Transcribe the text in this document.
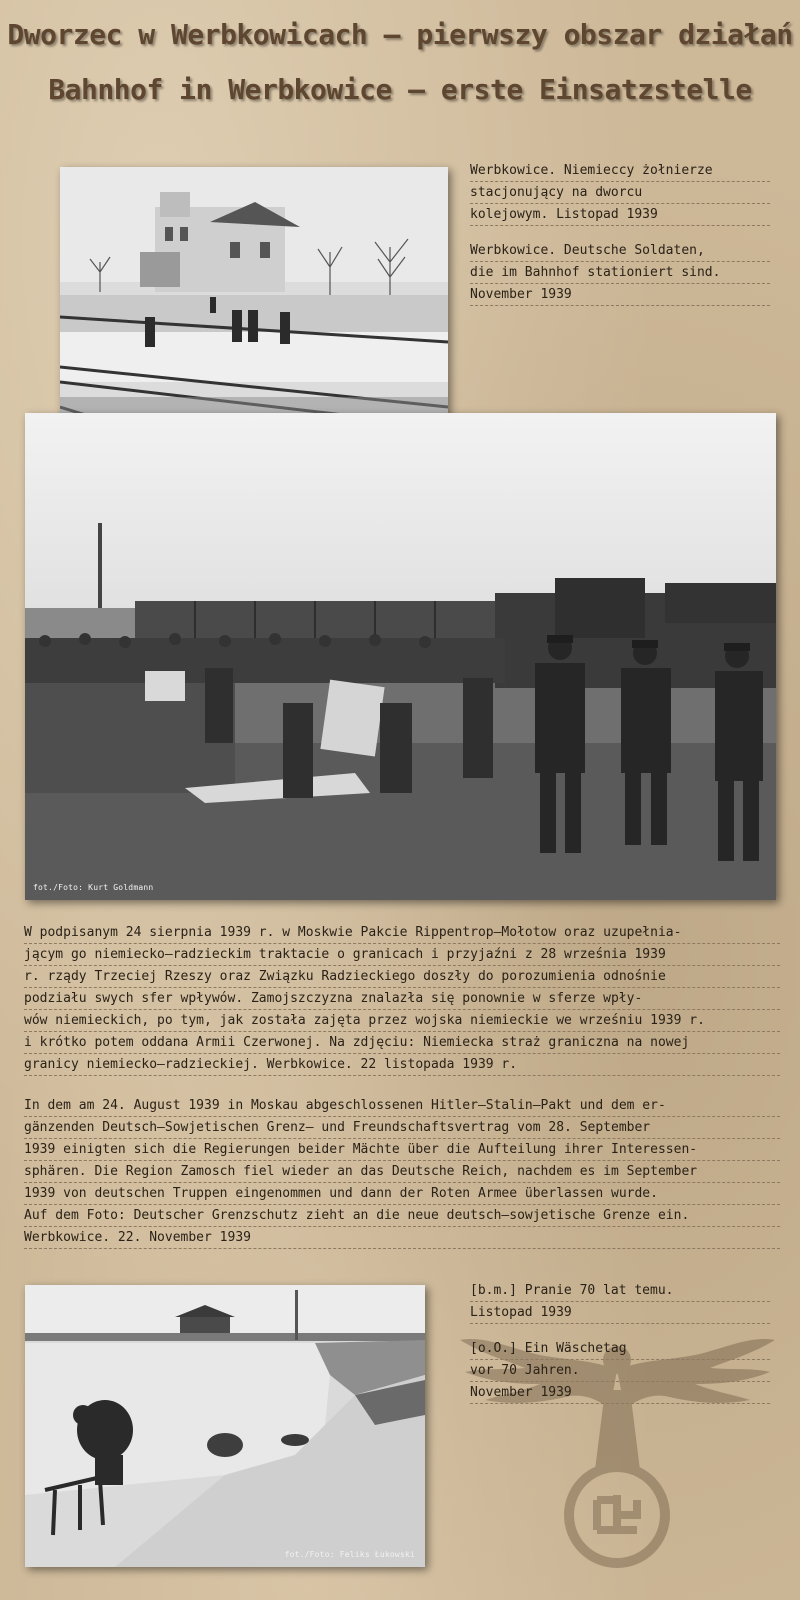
Dworzec w Werbkowicach – pierwszy obszar działań
Bahnhof in Werbkowice – erste Einsatzstelle
Werbkowice. Niemieccy żołnierze
stacjonujący na dworcu
kolejowym. Listopad 1939
Werbkowice. Deutsche Soldaten,
die im Bahnhof stationiert sind.
November 1939
fot./Foto: Kurt Goldmann
W podpisanym 24 sierpnia 1939 r. w Moskwie Pakcie Rippentrop–Mołotow oraz uzupełnia-
jącym go niemiecko–radzieckim traktacie o granicach i przyjaźni z 28 września 1939
r. rządy Trzeciej Rzeszy oraz Związku Radzieckiego doszły do porozumienia odnośnie
podziału swych sfer wpływów. Zamojszczyzna znalazła się ponownie w sferze wpły-
wów niemieckich, po tym, jak została zajęta przez wojska niemieckie we wrześniu 1939 r.
i krótko potem oddana Armii Czerwonej. Na zdjęciu: Niemiecka straż graniczna na nowej
granicy niemiecko–radzieckiej. Werbkowice. 22 listopada 1939 r.
In dem am 24. August 1939 in Moskau abgeschlossenen Hitler–Stalin–Pakt und dem er-
gänzenden Deutsch–Sowjetischen Grenz– und Freundschaftsvertrag vom 28. September
1939 einigten sich die Regierungen beider Mächte über die Aufteilung ihrer Interessen-
sphären. Die Region Zamosch fiel wieder an das Deutsche Reich, nachdem es im September
1939 von deutschen Truppen eingenommen und dann der Roten Armee überlassen wurde.
Auf dem Foto: Deutscher Grenzschutz zieht an die neue deutsch–sowjetische Grenze ein.
Werbkowice. 22. November 1939
fot./Foto: Feliks Łukowski
[b.m.] Pranie 70 lat temu.
Listopad 1939
[o.O.] Ein Wäschetag
vor 70 Jahren.
November 1939
